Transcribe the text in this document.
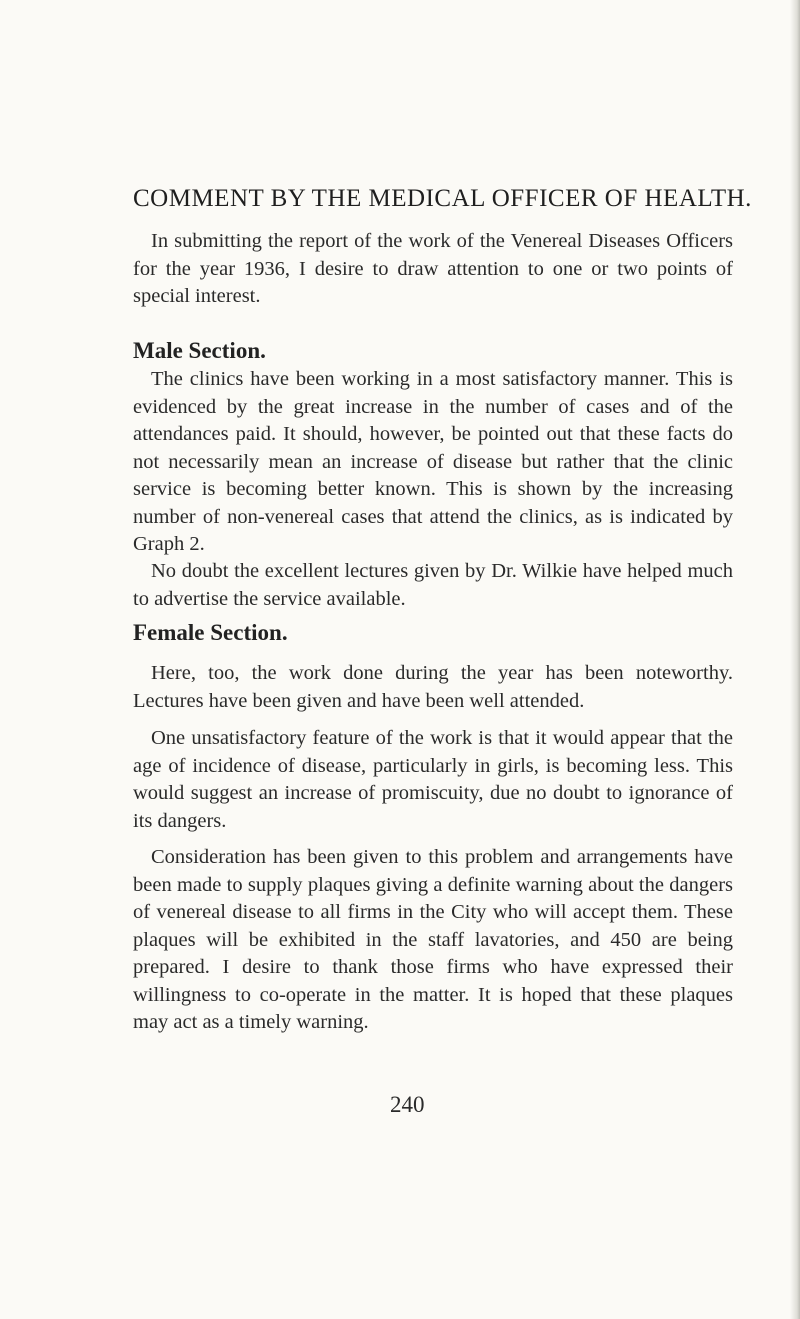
COMMENT BY THE MEDICAL OFFICER OF HEALTH.

In submitting the report of the work of the Venereal Diseases Officers for the year 1936, I desire to draw attention to one or two points of special interest.

Male Section.

The clinics have been working in a most satisfactory manner. This is evidenced by the great increase in the number of cases and of the attendances paid. It should, however, be pointed out that these facts do not necessarily mean an increase of disease but rather that the clinic service is becoming better known. This is shown by the increasing number of non-venereal cases that attend the clinics, as is indicated by Graph 2.

No doubt the excellent lectures given by Dr. Wilkie have helped much to advertise the service available.

Female Section.

Here, too, the work done during the year has been noteworthy. Lectures have been given and have been well attended.

One unsatisfactory feature of the work is that it would appear that the age of incidence of disease, particularly in girls, is becoming less. This would suggest an increase of promiscuity, due no doubt to ignorance of its dangers.

Consideration has been given to this problem and arrangements have been made to supply plaques giving a definite warning about the dangers of venereal disease to all firms in the City who will accept them. These plaques will be exhibited in the staff lavatories, and 450 are being prepared. I desire to thank those firms who have expressed their willingness to co-operate in the matter. It is hoped that these plaques may act as a timely warning.

240
